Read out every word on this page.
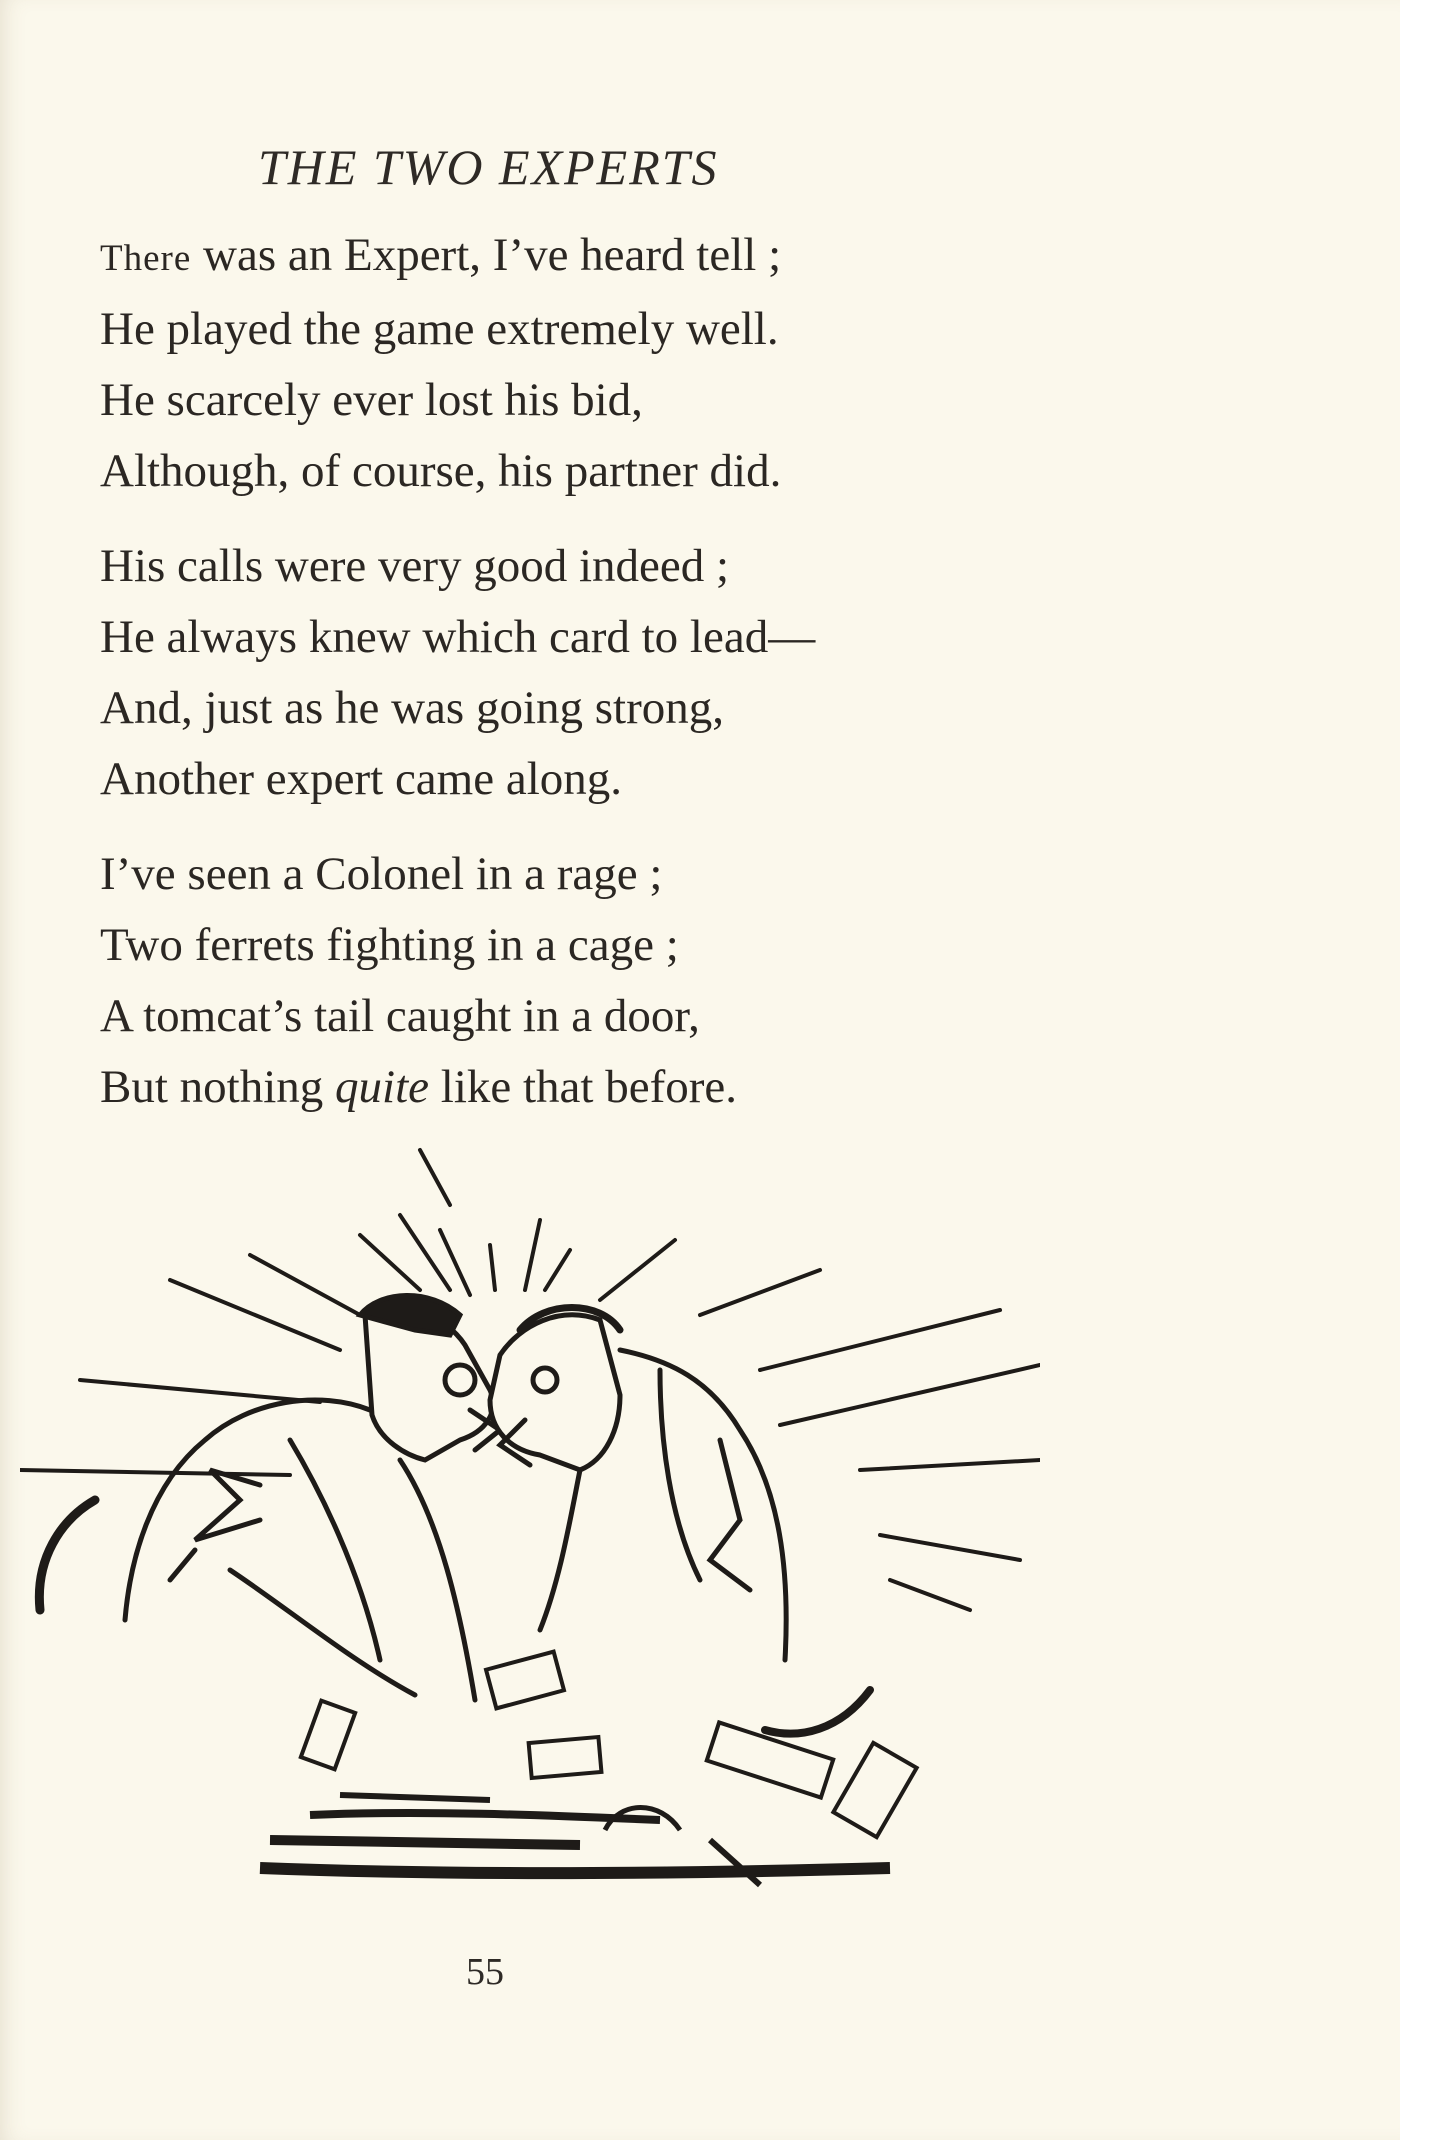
THE TWO EXPERTS
There was an Expert, I’ve heard tell ;
He played the game extremely well.
He scarcely ever lost his bid,
Although, of course, his partner did.
His calls were very good indeed ;
He always knew which card to lead—
And, just as he was going strong,
Another expert came along.
I’ve seen a Colonel in a rage ;
Two ferrets fighting in a cage ;
A tomcat’s tail caught in a door,
But nothing quite like that before.
55
